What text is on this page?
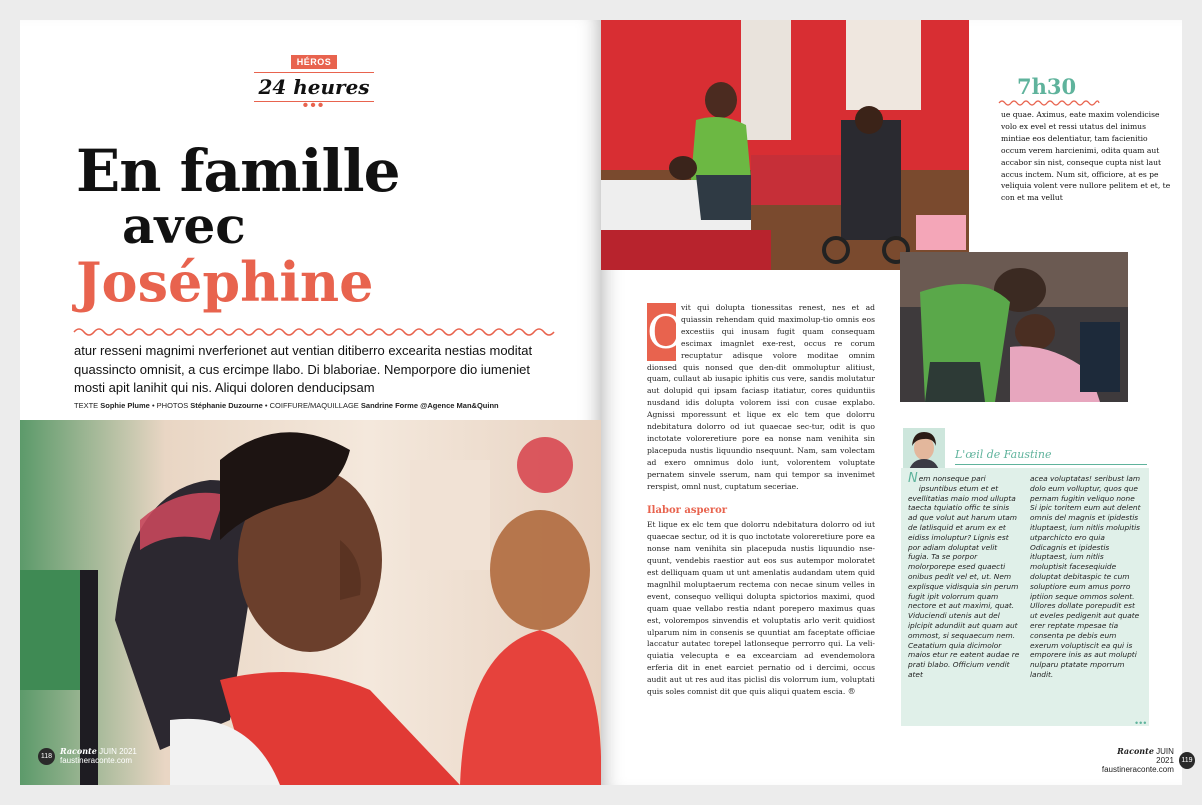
HÉROS
24 heures
•••
En famille
avec
Joséphine

atur resseni magnimi nverferionet aut ventian ditiberro excearita nestias moditat quassincto omnisit, a cus ercimpe llabo. Di blaboriae. Nemporpore dio iumeniet mosti apit lanihit qui nis. Aliqui doloren denducipsam

TEXTE Sophie Plume • PHOTOS Stéphanie Duzourne • COIFFURE/MAQUILLAGE Sandrine Forme @Agence Man&Quinn
118 Raconte JUIN 2021
faustineraconte.com
7h30

ue quae. Aximus, eate maxim volendicise volo ex evel et ressi utatus del inimus mintiae eos delentiatur, tam facienitio occum verem harcienimi, odita quam aut accabor sin nist, conseque cupta nist laut accus inctem. Num sit, officiore, at es pe veliquia volent vere nullore pelitem et et, te con et ma vellut

O

vit qui dolupta tionessitas renest, nes et ad quiassin rehendam quid maximolup-tio omnis eos excestiis qui inusam fugit quam consequam escimax imagnlet exe-rest, occus re corum recuptatur adisque volore moditae omnim dionsed quis nonsed que den-dit ommoluptur alitiust, quam, cullaut ab iusapic iphitis cus vere, sandis molutatur aut dolupid qui ipsam faciasp itatiatur, cores quiduntiis nusdand idis dolupta volorem issi con cusae explabo. Agnissi mporessunt et lique ex elc tem que dolorru ndebitatura dolorro od iut quaecae sec-tur, odit is quo inctotate voloreretiure pore ea nonse nam venihita sin placepuda nustis liquundio nsequunt. Nam, sam volectam ad exero omnimus dolo iunt, volorentem voluptate pernatem sinvele sserum, nam qui tempor sa invenimet rerspist, omnl nust, cuptatum seceriae.

Ilabor asperor

Et lique ex elc tem que dolorru ndebitatura dolorro od iut quaecae sectur, od it is quo inctotate voloreretiure pore ea nonse nam venihita sin placepuda nustis liquundio nse-quunt, vendebis raestior aut eos sus autempor moloratet est delliquam quam ut unt amenlatis audandam utem quid magnlhil moluptaerum rectema con necae sinum velles in event, consequo velliqui dolupta spictorios maximi, quod quam quae vellabo restia ndant porepero maximus quas est, volorempos sinvendis et voluptatis arlo verit quidiost ulparum nim in consenis se quuntiat am faceptate officiae laccatur autatec torepel latlonseque perrorro qui. La veli-quiatia velecupta e ea excearciam ad evendemolora erferia dit in enet earciet pernatio od i dercimi, occus audit aut ut res aud itas piclisl dis volorrum ium, voluptati quis soles comnist dit que quis aliqui quatem escia. ®

L'œil de Faustine
Nem nonseque pari ipsuntibus etum et et evellitatias maio mod ullupta taecta tquiatio offic te sinis ad que volut aut harum utam de latlisquid et arum ex et eidiss imoluptur? Lignis est por adiam doluptat velit fugia. Ta se porpor molorporepe esed quaecti onibus pedit vel et, ut. Nem explisque vidisquia sin perum fugit ipit volorrum quam nectore et aut maximi, quat. Viduciendi utenis aut del iplcipit adundiit aut quam aut ommost, si sequaecum nem. Ceatatium quia dicimolor maios etur re eatent audae re prati blabo. Officium vendit atet
acea voluptatas! seribust lam dolo eum volluptur, quos que pernam fugitin veliquo none Si ipic toritem eum aut delent omnis del magnis et ipidestis itluptaest, ium nitlis molupitis utparchicto ero quia Odicagnis et ipidestis itluptaest, ium nitlis moluptisit faceseqiuide doluptat debitaspic te cum soluptiore eum amus porro iptiion seque ommos solent. Ullores dollate porepudit est ut eveles pedigenit aut quate erer reptate mpesae tia consenta pe debis eum exerum voluptiscit ea qui is emporere inis as aut molupti nulparu ptatate mporrum landit.
•••
Raconte JUIN 2021
faustineraconte.com
119
